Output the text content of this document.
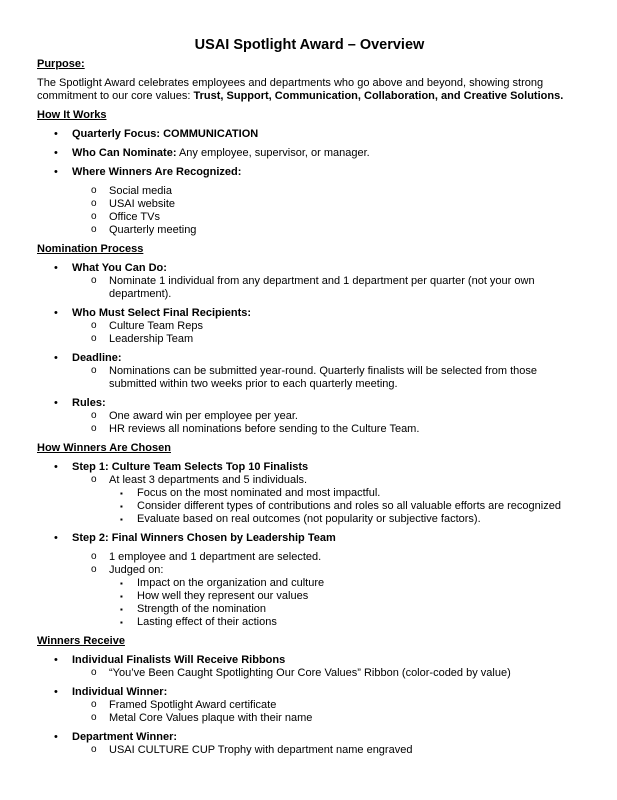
USAI Spotlight Award – Overview
Purpose:
The Spotlight Award celebrates employees and departments who go above and beyond, showing strong commitment to our core values: Trust, Support, Communication, Collaboration, and Creative Solutions.
How It Works
• Quarterly Focus: COMMUNICATION
• Who Can Nominate: Any employee, supervisor, or manager.
• Where Winners Are Recognized:
o Social media
o USAI website
o Office TVs
o Quarterly meeting
Nomination Process
• What You Can Do:
o Nominate 1 individual from any department and 1 department per quarter (not your own department).
• Who Must Select Final Recipients:
o Culture Team Reps
o Leadership Team
• Deadline:
o Nominations can be submitted year-round. Quarterly finalists will be selected from those submitted within two weeks prior to each quarterly meeting.
• Rules:
o One award win per employee per year.
o HR reviews all nominations before sending to the Culture Team.
How Winners Are Chosen
• Step 1: Culture Team Selects Top 10 Finalists
o At least 3 departments and 5 individuals.
▪ Focus on the most nominated and most impactful.
▪ Consider different types of contributions and roles so all valuable efforts are recognized
▪ Evaluate based on real outcomes (not popularity or subjective factors).
• Step 2: Final Winners Chosen by Leadership Team
o 1 employee and 1 department are selected.
o Judged on:
▪ Impact on the organization and culture
▪ How well they represent our values
▪ Strength of the nomination
▪ Lasting effect of their actions
Winners Receive
• Individual Finalists Will Receive Ribbons
o “You’ve Been Caught Spotlighting Our Core Values” Ribbon (color-coded by value)
• Individual Winner:
o Framed Spotlight Award certificate
o Metal Core Values plaque with their name
• Department Winner:
o USAI CULTURE CUP Trophy with department name engraved
